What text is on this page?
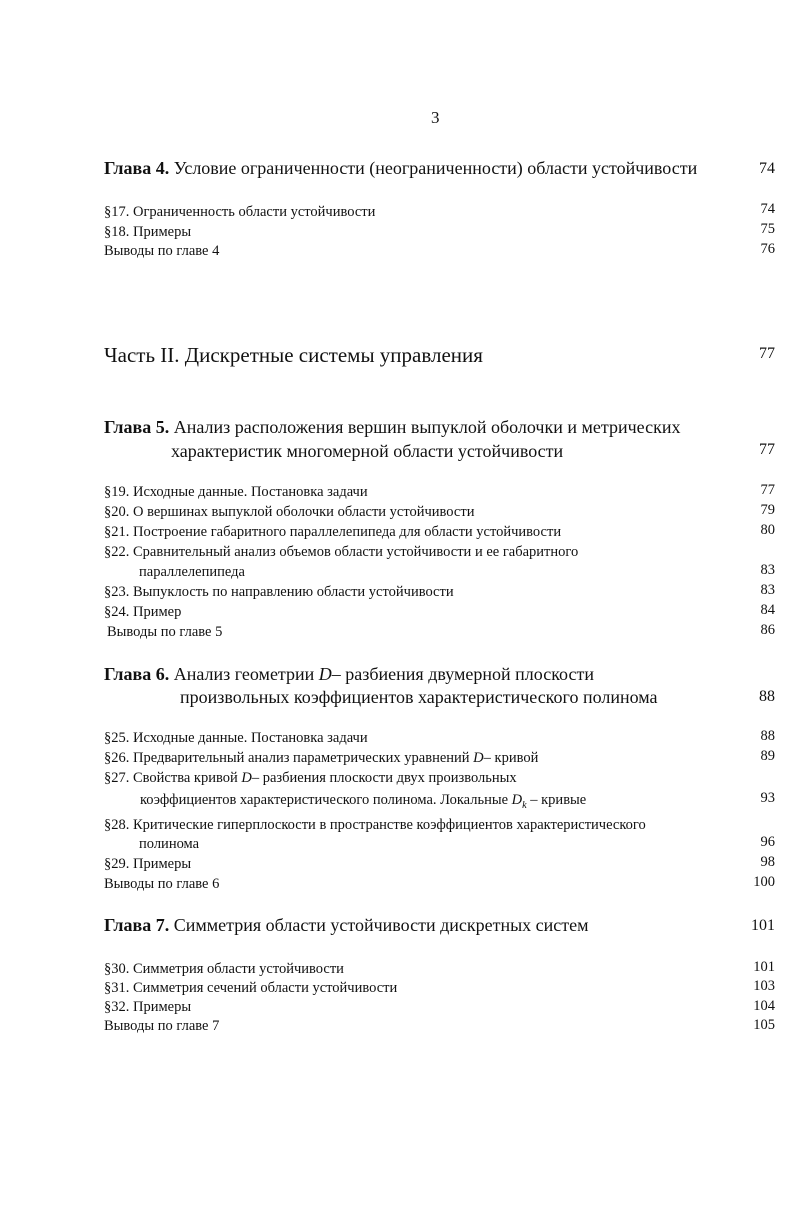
3
Глава 4. Условие ограниченности (неограниченности) области устойчивости	74
§17. Ограниченность области устойчивости	74
§18. Примеры	75
Выводы по главе 4	76
Часть II. Дискретные системы управления	77
Глава 5. Анализ расположения вершин выпуклой оболочки и метрических
характеристик многомерной области устойчивости	77
§19. Исходные данные. Постановка задачи	77
§20. О вершинах выпуклой оболочки области устойчивости	79
§21. Построение габаритного параллелепипеда для области устойчивости	80
§22. Сравнительный анализ объемов области устойчивости и ее габаритного
параллелепипеда	83
§23. Выпуклость по направлению области устойчивости	83
§24. Пример	84
Выводы по главе 5	86
Глава 6. Анализ геометрии D– разбиения двумерной плоскости
произвольных коэффициентов характеристического полинома	88
§25. Исходные данные. Постановка задачи	88
§26. Предварительный анализ параметрических уравнений D– кривой	89
§27. Свойства кривой D– разбиения плоскости двух произвольных
коэффициентов характеристического полинома. Локальные $D_k$ – кривые	93
§28. Критические гиперплоскости в пространстве коэффициентов характеристического
полинома	96
§29. Примеры	98
Выводы по главе 6	100
Глава 7. Симметрия области устойчивости дискретных систем	101
§30. Симметрия области устойчивости	101
§31. Симметрия сечений области устойчивости	103
§32. Примеры	104
Выводы по главе 7	105
